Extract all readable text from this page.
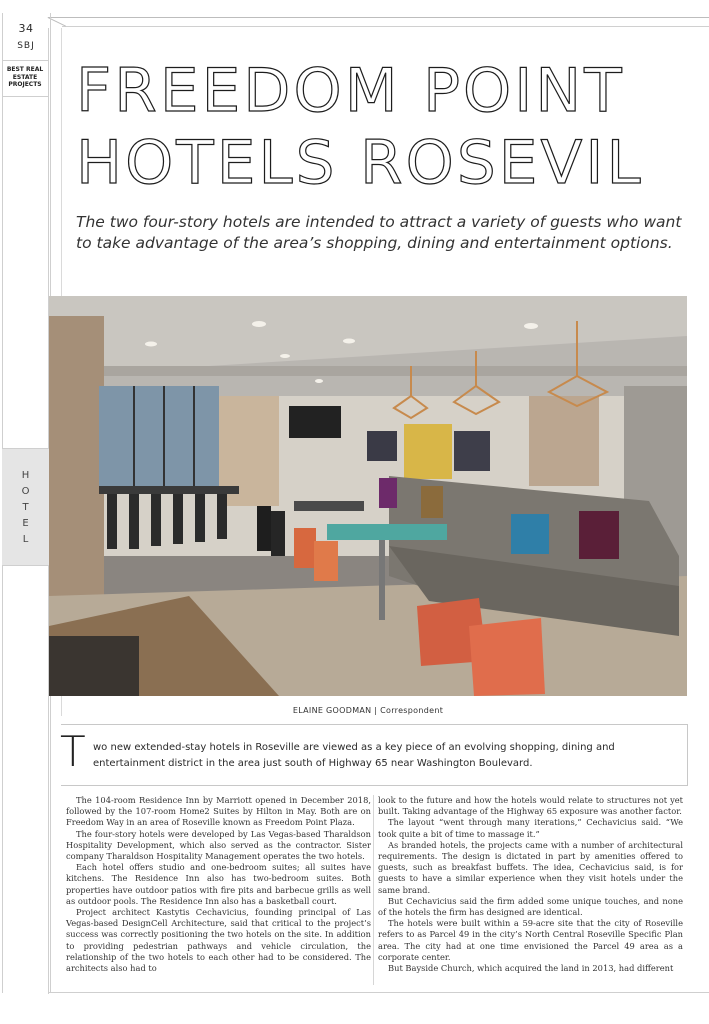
34
SBJ
BEST REAL ESTATE PROJECTS
H
O
T
E
L
FREEDOM POINT
HOTELS ROSEVIL
The two four-story hotels are intended to attract a variety of guests who want to take advantage of the area’s shopping, dining and entertainment options.
ELAINE GOODMAN | Correspondent
T wo new extended-stay hotels in Roseville are viewed as a key piece of an evolving shopping, dining and entertainment district in the area just south of Highway 65 near Washington Boulevard.

The 104-room Residence Inn by Marriott opened in December 2018, followed by the 107-room Home2 Suites by Hilton in May. Both are on Freedom Way in an area of Roseville known as Freedom Point Plaza.

The four-story hotels were developed by Las Vegas-based Tharaldson Hospitality Development, which also served as the contractor. Sister company Tharaldson Hospitality Management operates the two hotels.

Each hotel offers studio and one-bedroom suites; all suites have kitchens. The Residence Inn also has two-bedroom suites. Both properties have outdoor patios with fire pits and barbecue grills as well as outdoor pools. The Residence Inn also has a basketball court.

Project architect Kastytis Cechavicius, founding principal of Las Vegas-based DesignCell Architecture, said that critical to the project’s success was correctly positioning the two hotels on the site. In addition to providing pedestrian pathways and vehicle circulation, the relationship of the two hotels to each other had to be considered. The architects also had to

look to the future and how the hotels would relate to structures not yet built. Taking advantage of the Highway 65 exposure was another factor.

The layout “went through many iterations,” Cechavicius said. “We took quite a bit of time to massage it.”

As branded hotels, the projects came with a number of architectural requirements. The design is dictated in part by amenities offered to guests, such as breakfast buffets. The idea, Cechavicius said, is for guests to have a similar experience when they visit hotels under the same brand.

But Cechavicius said the firm added some unique touches, and none of the hotels the firm has designed are identical.

The hotels were built within a 59-acre site that the city of Roseville refers to as Parcel 49 in the city’s North Central Roseville Specific Plan area. The city had at one time envisioned the Parcel 49 area as a corporate center.

But Bayside Church, which acquired the land in 2013, had different
